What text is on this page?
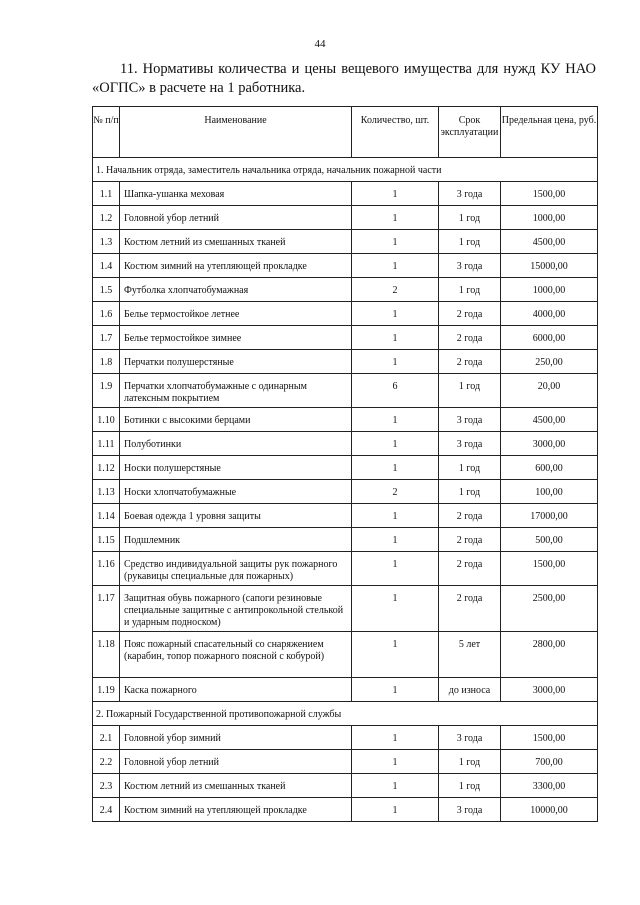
44
11. Нормативы количества и цены вещевого имущества для нужд КУ НАО «ОГПС» в расчете на 1 работника.
№ п/п	Наименование	Количество, шт.	Срок эксплуатации	Предельная цена, руб.
1. Начальник отряда, заместитель начальника отряда, начальник пожарной части				
1.1	Шапка-ушанка меховая	1	3 года	1500,00
1.2	Головной убор летний	1	1 год	1000,00
1.3	Костюм летний из смешанных тканей	1	1 год	4500,00
1.4	Костюм зимний на утепляющей прокладке	1	3 года	15000,00
1.5	Футболка хлопчатобумажная	2	1 год	1000,00
1.6	Белье термостойкое летнее	1	2 года	4000,00
1.7	Белье термостойкое зимнее	1	2 года	6000,00
1.8	Перчатки полушерстяные	1	2 года	250,00
1.9	Перчатки хлопчатобумажные с одинарным латексным покрытием	6	1 год	20,00
1.10	Ботинки с высокими берцами	1	3 года	4500,00
1.11	Полуботинки	1	3 года	3000,00
1.12	Носки полушерстяные	1	1 год	600,00
1.13	Носки хлопчатобумажные	2	1 год	100,00
1.14	Боевая одежда 1 уровня защиты	1	2 года	17000,00
1.15	Подшлемник	1	2 года	500,00
1.16	Средство индивидуальной защиты рук пожарного (рукавицы специальные для пожарных)	1	2 года	1500,00
1.17	Защитная обувь пожарного (сапоги резиновые специальные защитные с антипрокольной стелькой и ударным подноском)	1	2 года	2500,00
1.18	Пояс пожарный спасательный со снаряжением (карабин, топор пожарного поясной с кобурой)	1	5 лет	2800,00
1.19	Каска пожарного	1	до износа	3000,00
2. Пожарный Государственной противопожарной службы				
2.1	Головной убор зимний	1	3 года	1500,00
2.2	Головной убор летний	1	1 год	700,00
2.3	Костюм летний из смешанных тканей	1	1 год	3300,00
2.4	Костюм зимний на утепляющей прокладке	1	3 года	10000,00
